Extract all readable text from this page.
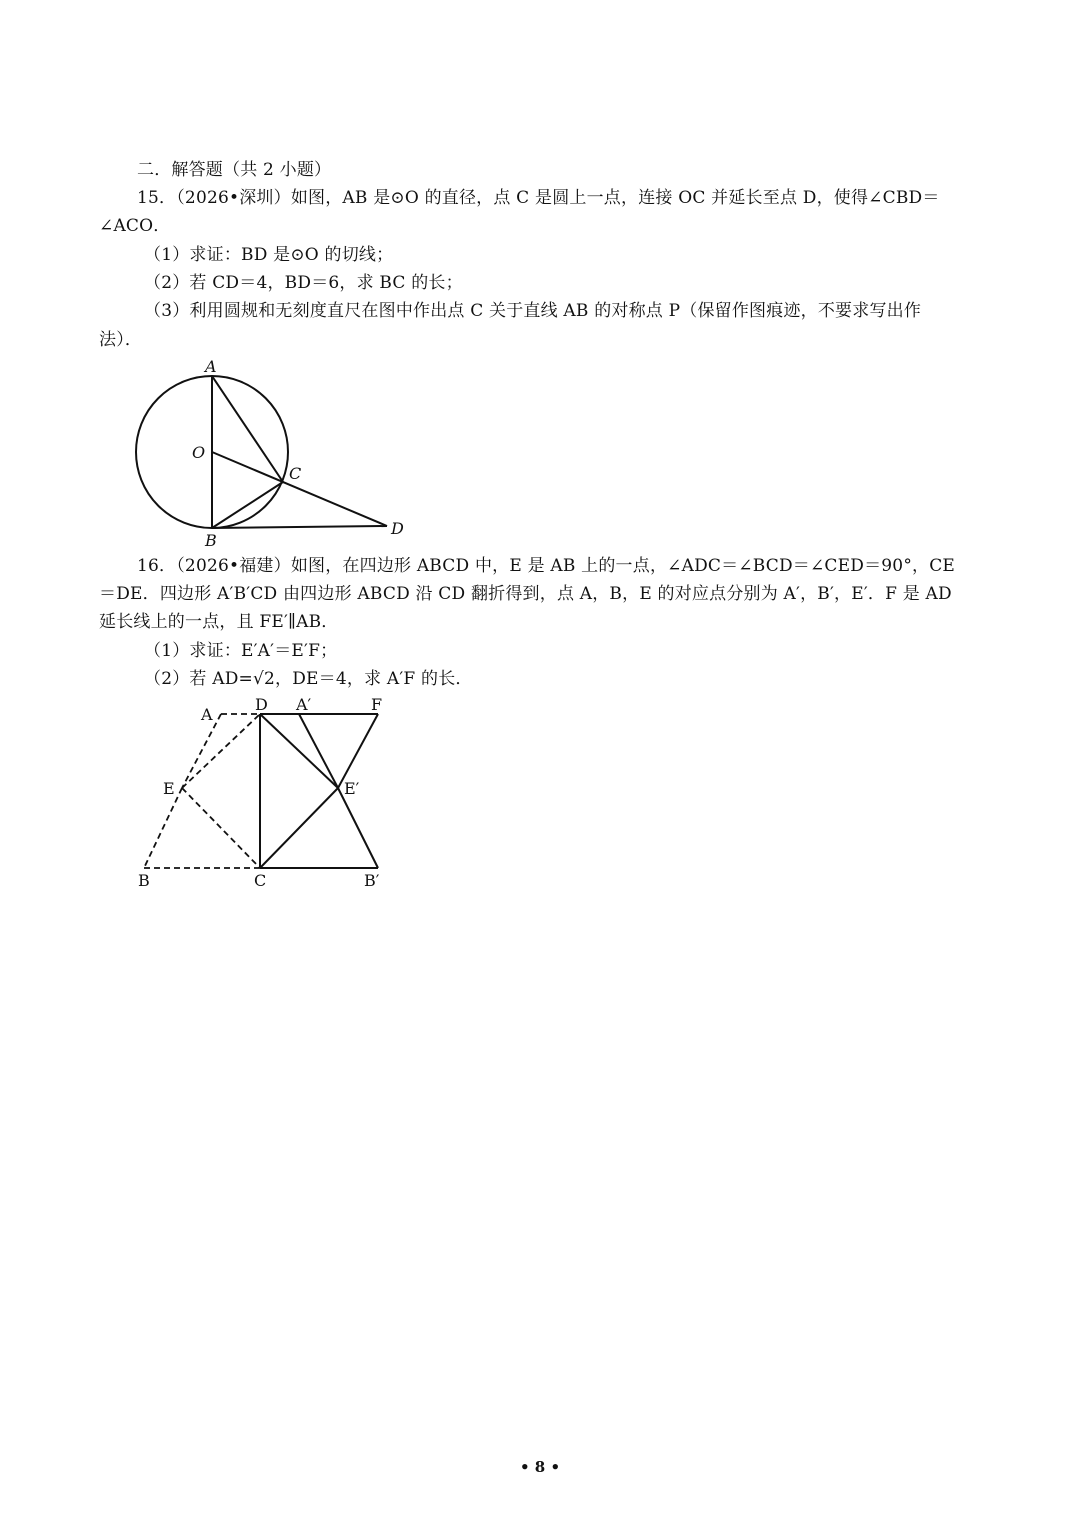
二．解答题（共 2 小题）
15．（2026•深圳）如图，AB 是⊙O 的直径，点 C 是圆上一点，连接 OC 并延长至点 D，使得∠CBD＝
∠ACO．
（1）求证：BD 是⊙O 的切线；
（2）若 CD＝4，BD＝6，求 BC 的长；
（3）利用圆规和无刻度直尺在图中作出点 C 关于直线 AB 的对称点 P（保留作图痕迹，不要求写出作
法）．
A
O
C
B
D
16．（2026•福建）如图，在四边形 ABCD 中，E 是 AB 上的一点，∠ADC＝∠BCD＝∠CED＝90°，CE
＝DE．四边形 A′B′CD 由四边形 ABCD 沿 CD 翻折得到，点 A，B，E 的对应点分别为 A′，B′，E′．F 是 AD
延长线上的一点，且 FE′∥AB．
（1）求证：E′A′＝E′F；
（2）若 AD=√2，DE＝4，求 A′F 的长．
A
D A′	F
E	E′
B	C	B′
• 8 •
